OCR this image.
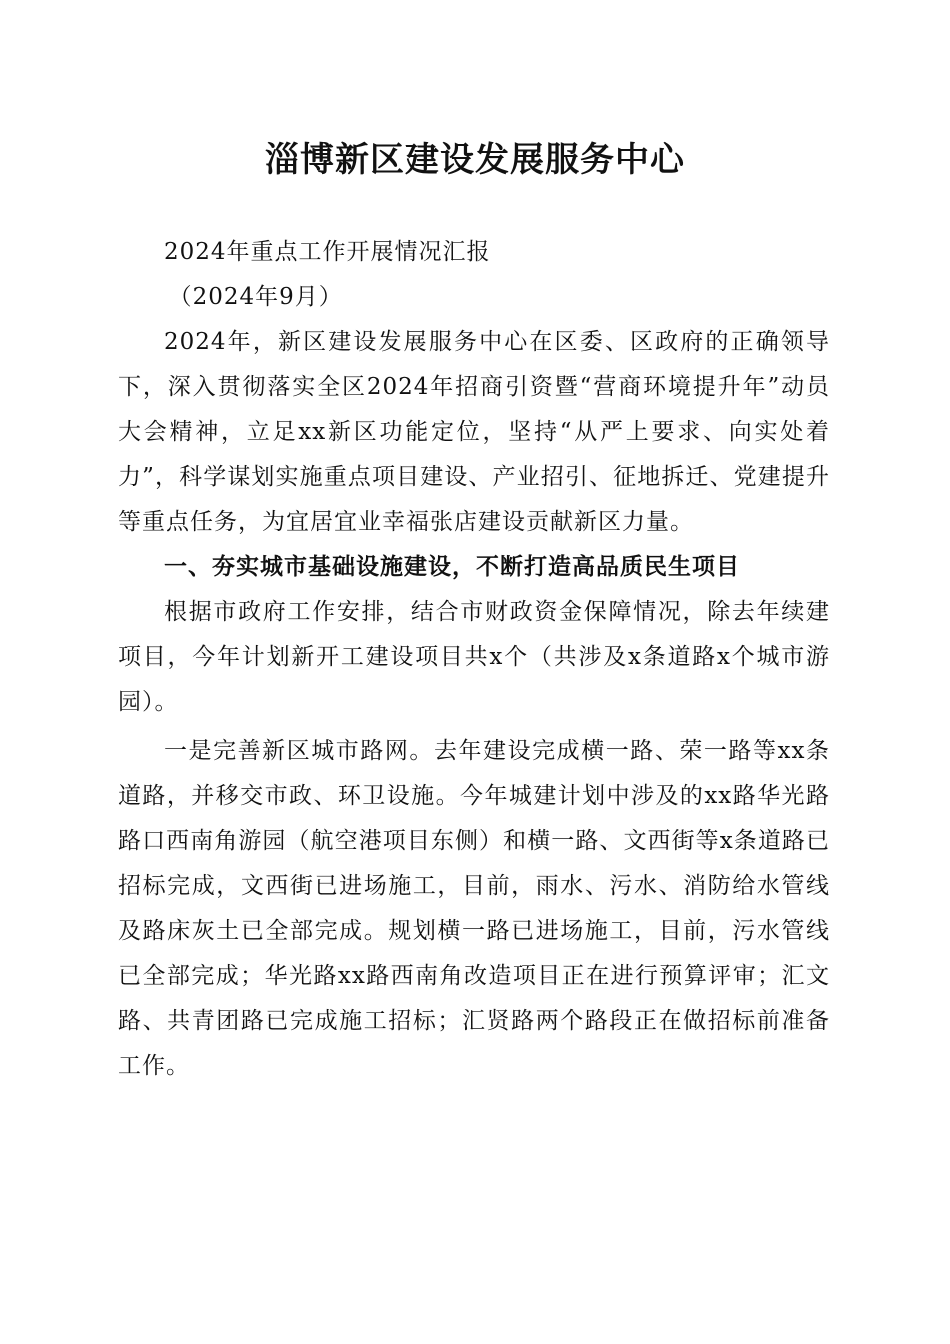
淄博新区建设发展服务中心

2024年重点工作开展情况汇报

（2024年9月）

2024年，新区建设发展服务中心在区委、区政府的正确领导下，深入贯彻落实全区2024年招商引资暨“营商环境提升年”动员大会精神，立足xx新区功能定位，坚持“从严上要求、向实处着力”，科学谋划实施重点项目建设、产业招引、征地拆迁、党建提升等重点任务，为宜居宜业幸福张店建设贡献新区力量。

一、夯实城市基础设施建设，不断打造高品质民生项目

根据市政府工作安排，结合市财政资金保障情况，除去年续建项目，今年计划新开工建设项目共x个（共涉及x条道路x个城市游园）。

一是完善新区城市路网。去年建设完成横一路、荣一路等xx条道路，并移交市政、环卫设施。今年城建计划中涉及的xx路华光路路口西南角游园（航空港项目东侧）和横一路、文西街等x条道路已招标完成，文西街已进场施工，目前，雨水、污水、消防给水管线及路床灰土已全部完成。规划横一路已进场施工，目前，污水管线已全部完成；华光路xx路西南角改造项目正在进行预算评审；汇文路、共青团路已完成施工招标；汇贤路两个路段正在做招标前准备工作。
